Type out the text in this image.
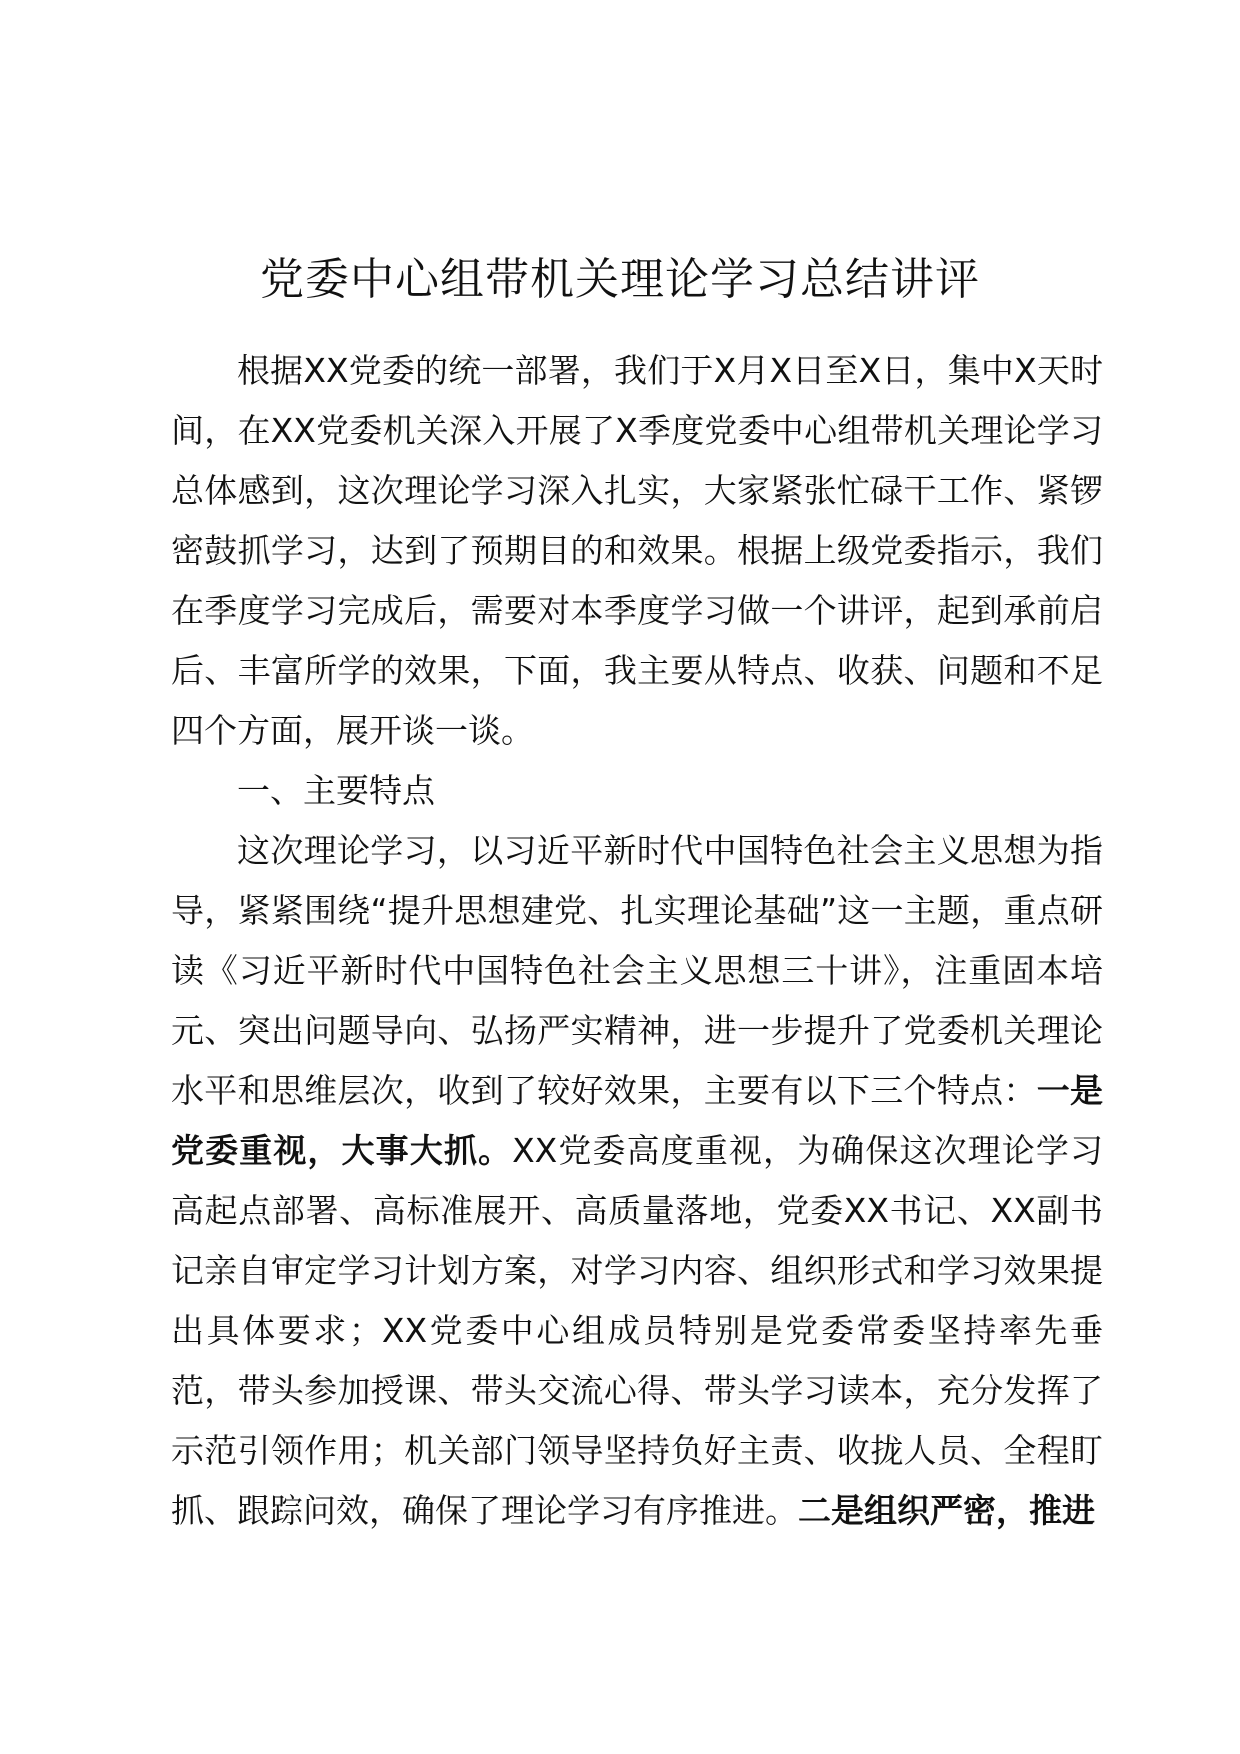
党委中心组带机关理论学习总结讲评

根据XX党委的统一部署，我们于X月X日至X日，集中X天时间，在XX党委机关深入开展了X季度党委中心组带机关理论学习总体感到，这次理论学习深入扎实，大家紧张忙碌干工作、紧锣密鼓抓学习，达到了预期目的和效果。根据上级党委指示，我们在季度学习完成后，需要对本季度学习做一个讲评，起到承前启后、丰富所学的效果，下面，我主要从特点、收获、问题和不足四个方面，展开谈一谈。

一、主要特点

这次理论学习，以习近平新时代中国特色社会主义思想为指导，紧紧围绕“提升思想建党、扎实理论基础”这一主题，重点研读《习近平新时代中国特色社会主义思想三十讲》，注重固本培元、突出问题导向、弘扬严实精神，进一步提升了党委机关理论水平和思维层次，收到了较好效果，主要有以下三个特点：一是党委重视，大事大抓。XX党委高度重视，为确保这次理论学习高起点部署、高标准展开、高质量落地，党委XX书记、XX副书记亲自审定学习计划方案，对学习内容、组织形式和学习效果提出具体要求；XX党委中心组成员特别是党委常委坚持率先垂范，带头参加授课、带头交流心得、带头学习读本，充分发挥了示范引领作用；机关部门领导坚持负好主责、收拢人员、全程盯抓、跟踪问效，确保了理论学习有序推进。二是组织严密，推进
